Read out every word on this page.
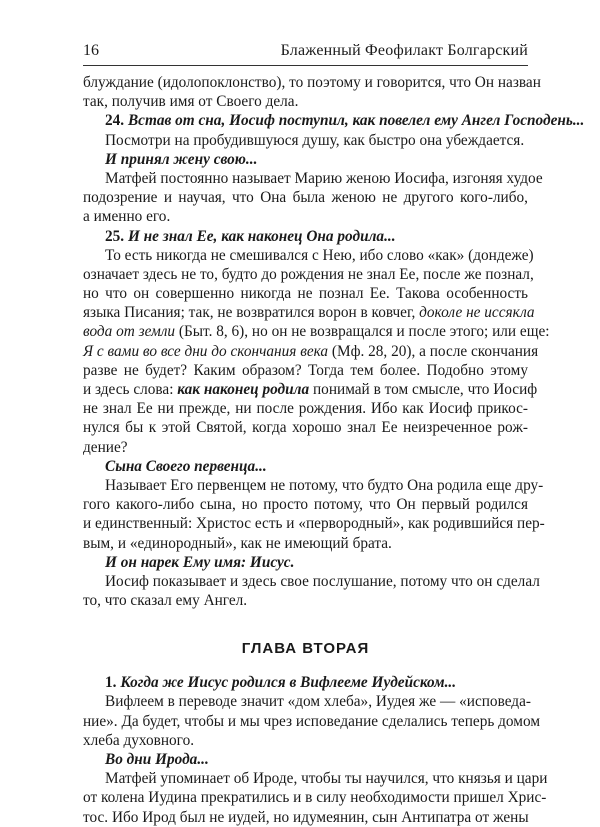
16	Блаженный Феофилакт Болгарский
блуждание (идолопоклонство), то поэтому и говорится, что Он назван
так, получив имя от Своего дела.
24. Встав от сна, Иосиф поступил, как повелел ему Ангел Господень...
Посмотри на пробудившуюся душу, как быстро она убеждается.
И принял жену свою...
Матфей постоянно называет Марию женою Иосифа, изгоняя худое
подозрение и научая, что Она была женою не другого кого-либо,
а именно его.
25. И не знал Ее, как наконец Она родила...
То есть никогда не смешивался с Нею, ибо слово «как» (дондеже)
означает здесь не то, будто до рождения не знал Ее, после же познал,
но что он совершенно никогда не познал Ее. Такова особенность
языка Писания; так, не возвратился ворон в ковчег, доколе не иссякла
вода от земли (Быт. 8, 6), но он не возвращался и после этого; или еще:
Я с вами во все дни до скончания века (Мф. 28, 20), а после скончания
разве не будет? Каким образом? Тогда тем более. Подобно этому
и здесь слова: как наконец родила понимай в том смысле, что Иосиф
не знал Ее ни прежде, ни после рождения. Ибо как Иосиф прикос-
нулся бы к этой Святой, когда хорошо знал Ее неизреченное рож-
дение?
Сына Своего первенца...
Называет Его первенцем не потому, что будто Она родила еще дру-
гого какого-либо сына, но просто потому, что Он первый родился
и единственный: Христос есть и «первородный», как родившийся пер-
вым, и «единородный», как не имеющий брата.
И он нарек Ему имя: Иисус.
Иосиф показывает и здесь свое послушание, потому что он сделал
то, что сказал ему Ангел.
ГЛАВА ВТОРАЯ
1. Когда же Иисус родился в Вифлееме Иудейском...
Вифлеем в переводе значит «дом хлеба», Иудея же — «исповеда-
ние». Да будет, чтобы и мы чрез исповедание сделались теперь домом
хлеба духовного.
Во дни Ирода...
Матфей упоминает об Ироде, чтобы ты научился, что князья и цари
от колена Иудина прекратились и в силу необходимости пришел Хрис-
тос. Ибо Ирод был не иудей, но идумеянин, сын Антипатра от жены
